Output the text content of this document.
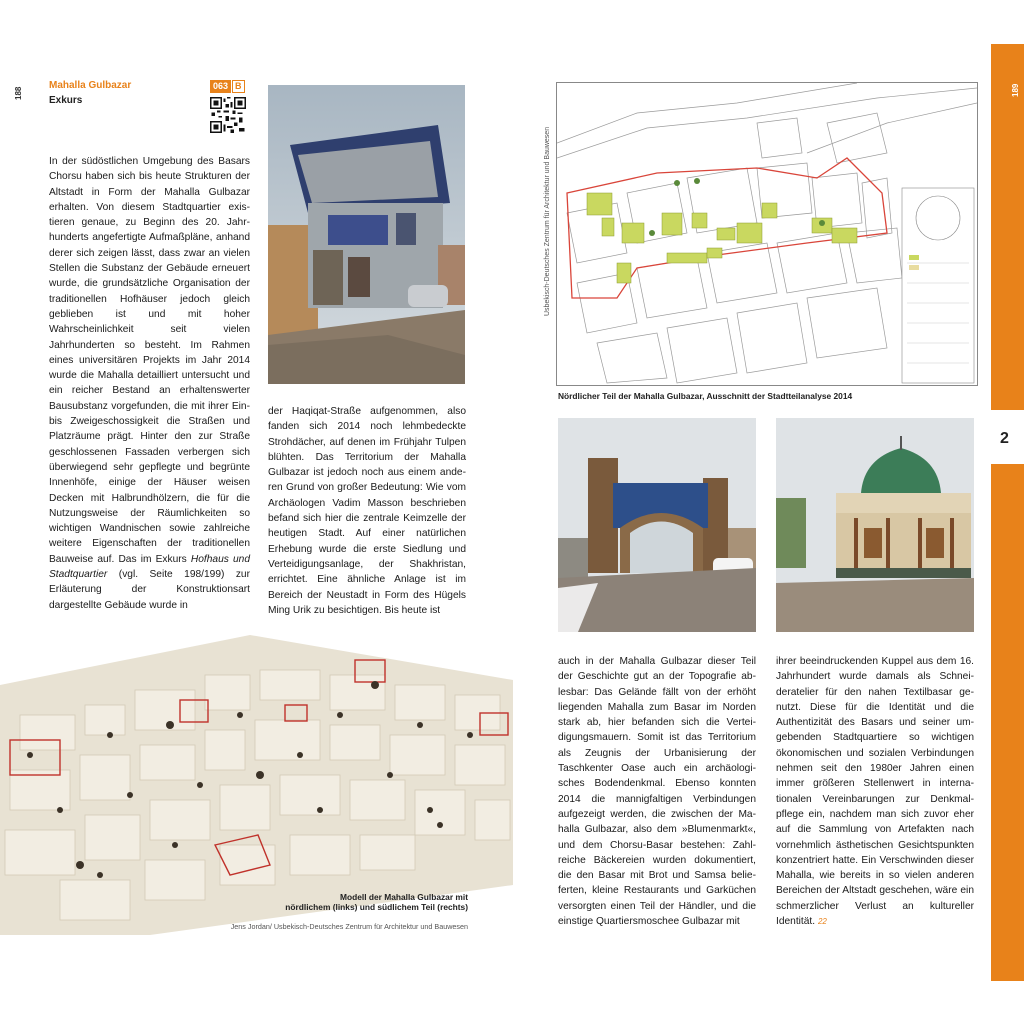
188
Mahalla Gulbazar
Exkurs
063 B
In der südöstlichen Umgebung des Basars Chorsu haben sich bis heute Strukturen der Altstadt in Form der Mahalla Gulbazar erhalten. Von diesem Stadtquartier existieren genaue, zu Beginn des 20. Jahrhunderts angefertigte Aufmaßpläne, anhand derer sich zeigen lässt, dass zwar an vielen Stellen die Substanz der Gebäude erneuert wurde, die grundsätzliche Organisation der traditionellen Hofhäuser jedoch gleich geblieben ist und mit hoher Wahrscheinlichkeit seit vielen Jahrhunderten so besteht. Im Rahmen eines universitären Projekts im Jahr 2014 wurde die Mahalla detailliert untersucht und ein reicher Bestand an erhaltenswerter Bausubstanz vorgefunden, die mit ihrer Ein- bis Zweigeschossigkeit die Straßen und Platzräume prägt. Hinter den zur Straße geschlossenen Fassaden verbergen sich überwiegend sehr gepflegte und begrünte Innenhöfe, einige der Häuser weisen Decken mit Halbrundhölzern, die für die Nutzungsweise der Räumlichkeiten so wichtigen Wandnischen sowie zahlreiche weitere Eigenschaften der traditionellen Bauweise auf. Das im Exkurs Hofhaus und Stadtquartier (vgl. Seite 198/199) zur Erläuterung der Konstruktionsart dargestellte Gebäude wurde in
der Haqiqat-Straße aufgenommen, also fanden sich 2014 noch lehmbedeckte Strohdächer, auf denen im Frühjahr Tulpen blühten. Das Territorium der Mahalla Gulbazar ist jedoch noch aus einem anderen Grund von großer Bedeutung: Wie vom Archäologen Vadim Masson beschrieben befand sich hier die zentrale Keimzelle der heutigen Stadt. Auf einer natürlichen Erhebung wurde die erste Siedlung und Verteidigungsanlage, der Shakhristan, errichtet. Eine ähnliche Anlage ist im Bereich der Neustadt in Form des Hügels Ming Urik zu besichtigen. Bis heute ist
Modell der Mahalla Gulbazar mit
nördlichem (links) und südlichem Teil (rechts)
Jens Jordan/ Usbekisch-Deutsches Zentrum für Architektur und Bauwesen
189
2
Usbekisch-Deutsches Zentrum für Architektur und Bauwesen
Nördlicher Teil der Mahalla Gulbazar, Ausschnitt der Stadtteilanalyse 2014
auch in der Mahalla Gulbazar dieser Teil der Geschichte gut an der Topografie ablesbar: Das Gelände fällt von der erhöht liegenden Mahalla zum Basar im Norden stark ab, hier befanden sich die Verteidigungsmauern. Somit ist das Territorium als Zeugnis der Urbanisierung der Taschkenter Oase auch ein archäologisches Bodendenkmal. Ebenso konnten 2014 die mannigfaltigen Verbindungen aufgezeigt werden, die zwischen der Mahalla Gulbazar, also dem »Blumenmarkt«, und dem Chorsu-Basar bestehen: Zahlreiche Bäckereien wurden dokumentiert, die den Basar mit Brot und Samsa belieferten, kleine Restaurants und Garküchen versorgten einen Teil der Händler, und die einstige Quartiersmoschee Gulbazar mit
ihrer beeindruckenden Kuppel aus dem 16. Jahrhundert wurde damals als Schneideratelier für den nahen Textilbasar genutzt. Diese für die Identität und die Authentizität des Basars und seiner umgebenden Stadtquartiere so wichtigen ökonomischen und sozialen Verbindungen nehmen seit den 1980er Jahren einen immer größeren Stellenwert in internationalen Vereinbarungen zur Denkmalpflege ein, nachdem man sich zuvor eher auf die Sammlung von Artefakten nach vornehmlich ästhetischen Gesichtspunkten konzentriert hatte. Ein Verschwinden dieser Mahalla, wie bereits in so vielen anderen Bereichen der Altstadt geschehen, wäre ein schmerzlicher Verlust an kultureller Identität. 22
